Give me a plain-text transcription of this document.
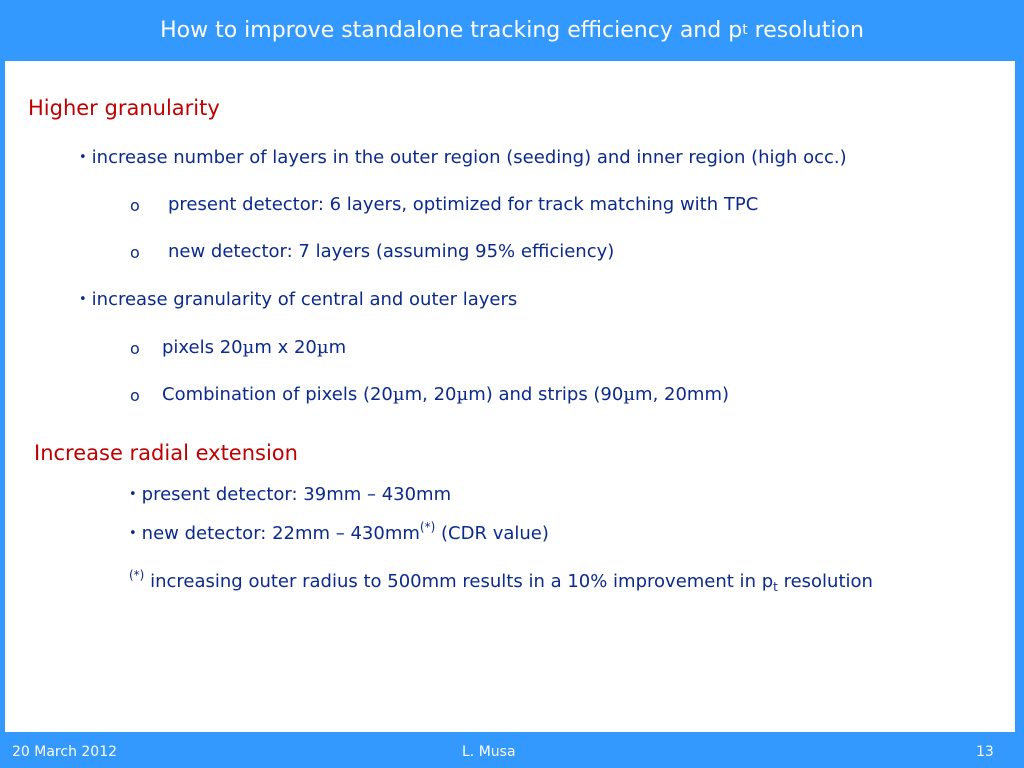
How to improve standalone tracking efficiency and p t resolution
Higher granularity
• increase number of layers in the outer region (seeding) and inner region (high occ.)
o present detector: 6 layers, optimized for track matching with TPC
o new detector: 7 layers (assuming 95% efficiency)
• increase granularity of central and outer layers
o pixels 20µm x 20µm
o Combination of pixels (20µm, 20µm) and strips (90µm, 20mm)
Increase radial extension
• present detector: 39mm – 430mm
• new detector: 22mm – 430mm(*) (CDR value)
(*) increasing outer radius to 500mm results in a 10% improvement in $p_t$ resolution
20 March 2012	L. Musa	13
